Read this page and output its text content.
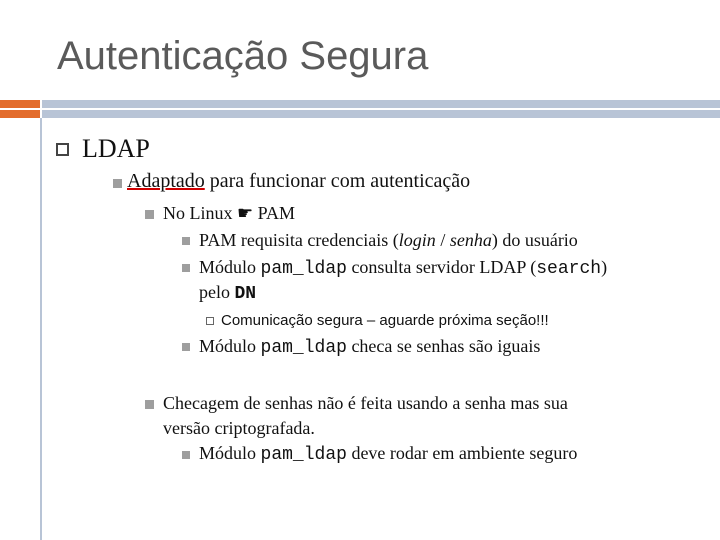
Autenticação Segura
LDAP
Adaptado para funcionar com autenticação
No Linux ☛ PAM
PAM requisita credenciais (login / senha) do usuário
Módulo pam_ldap consulta servidor LDAP (search)
pelo DN
Comunicação segura – aguarde próxima seção!!!
Módulo pam_ldap checa se senhas são iguais
Checagem de senhas não é feita usando a senha mas sua
versão criptografada.
Módulo pam_ldap deve rodar em ambiente seguro
